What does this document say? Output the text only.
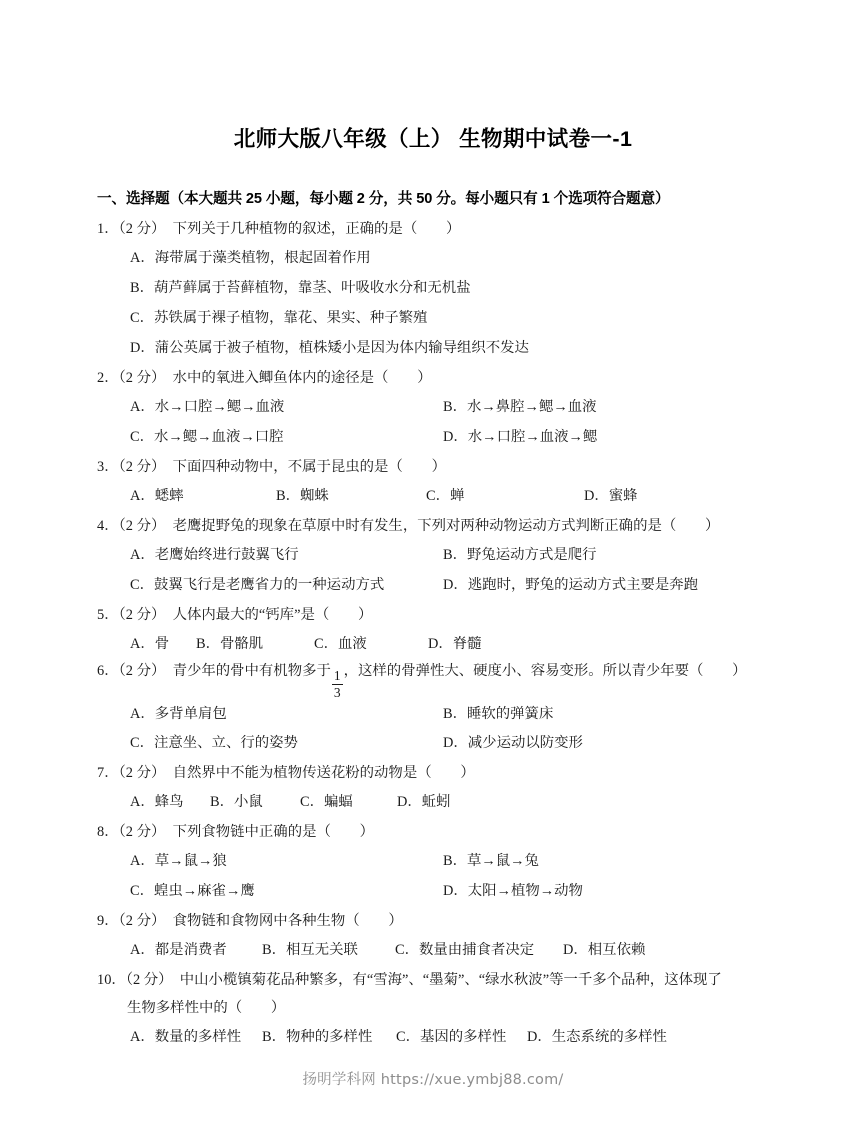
北师大版八年级（上） 生物期中试卷一-1
一、选择题（本大题共 25 小题，每小题 2 分，共 50 分。每小题只有 1 个选项符合题意）
1．（2 分） 下列关于几种植物的叙述，正确的是（　　）
A．海带属于藻类植物，根起固着作用
B．葫芦藓属于苔藓植物，靠茎、叶吸收水分和无机盐
C．苏铁属于裸子植物，靠花、果实、种子繁殖
D．蒲公英属于被子植物，植株矮小是因为体内输导组织不发达
2．（2 分） 水中的氧进入鲫鱼体内的途径是（　　）
A．水→口腔→鳃→血液	B．水→鼻腔→鳃→血液
C．水→鳃→血液→口腔	D．水→口腔→血液→鳃
3．（2 分） 下面四种动物中，不属于昆虫的是（　　）
A．蟋蟀	B．蜘蛛	C．蝉	D．蜜蜂
4．（2 分） 老鹰捉野兔的现象在草原中时有发生，下列对两种动物运动方式判断正确的是（　　）
A．老鹰始终进行鼓翼飞行	B．野兔运动方式是爬行
C．鼓翼飞行是老鹰省力的一种运动方式	D．逃跑时，野兔的运动方式主要是奔跑
5．（2 分） 人体内最大的“钙库”是（　　）
A．骨	B．骨骼肌	C．血液	D．脊髓
6．（2 分） 青少年的骨中有机物多于 $\frac{1}{3}$ ，这样的骨弹性大、硬度小、容易变形。所以青少年要（　　）
A．多背单肩包	B．睡软的弹簧床
C．注意坐、立、行的姿势	D．减少运动以防变形
7．（2 分） 自然界中不能为植物传送花粉的动物是（　　）
A．蜂鸟	B．小鼠	C．蝙蝠	D．蚯蚓
8．（2 分） 下列食物链中正确的是（　　）
A．草→鼠→狼	B．草→鼠→兔
C．蝗虫→麻雀→鹰	D．太阳→植物→动物
9．（2 分） 食物链和食物网中各种生物（　　）
A．都是消费者	B．相互无关联	C．数量由捕食者决定	D．相互依赖
10．（2 分） 中山小榄镇菊花品种繁多，有“雪海”、“墨菊”、“绿水秋波”等一千多个品种，这体现了
生物多样性中的（　　）
A．数量的多样性	B．物种的多样性	C．基因的多样性	D．生态系统的多样性
扬明学科网 https://xue.ymbj88.com/
